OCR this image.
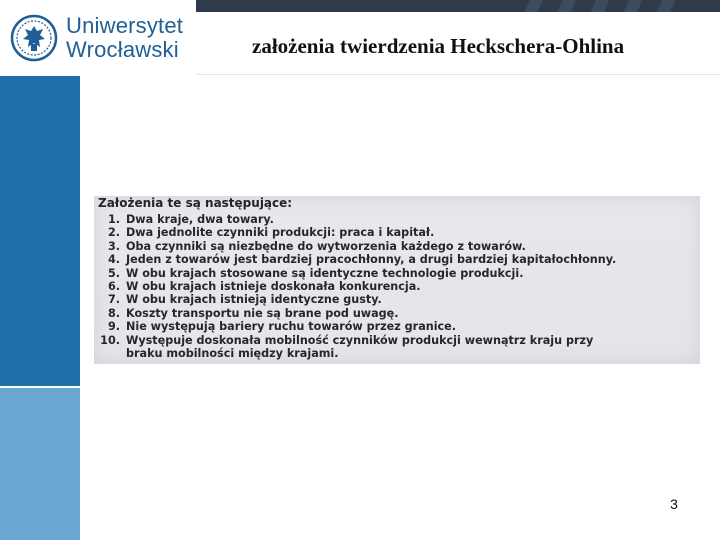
Uniwersytet
Wrocławski	założenia twierdzenia Heckschera-Ohlina
Założenia te są następujące:
1. Dwa kraje, dwa towary.
2. Dwa jednolite czynniki produkcji: praca i kapitał.
3. Oba czynniki są niezbędne do wytworzenia każdego z towarów.
4. Jeden z towarów jest bardziej pracochłonny, a drugi bardziej kapitałochłonny.
5. W obu krajach stosowane są identyczne technologie produkcji.
6. W obu krajach istnieje doskonała konkurencja.
7. W obu krajach istnieją identyczne gusty.
8. Koszty transportu nie są brane pod uwagę.
9. Nie występują bariery ruchu towarów przez granice.
10. Występuje doskonała mobilność czynników produkcji wewnątrz kraju przy
braku mobilności między krajami.
3
